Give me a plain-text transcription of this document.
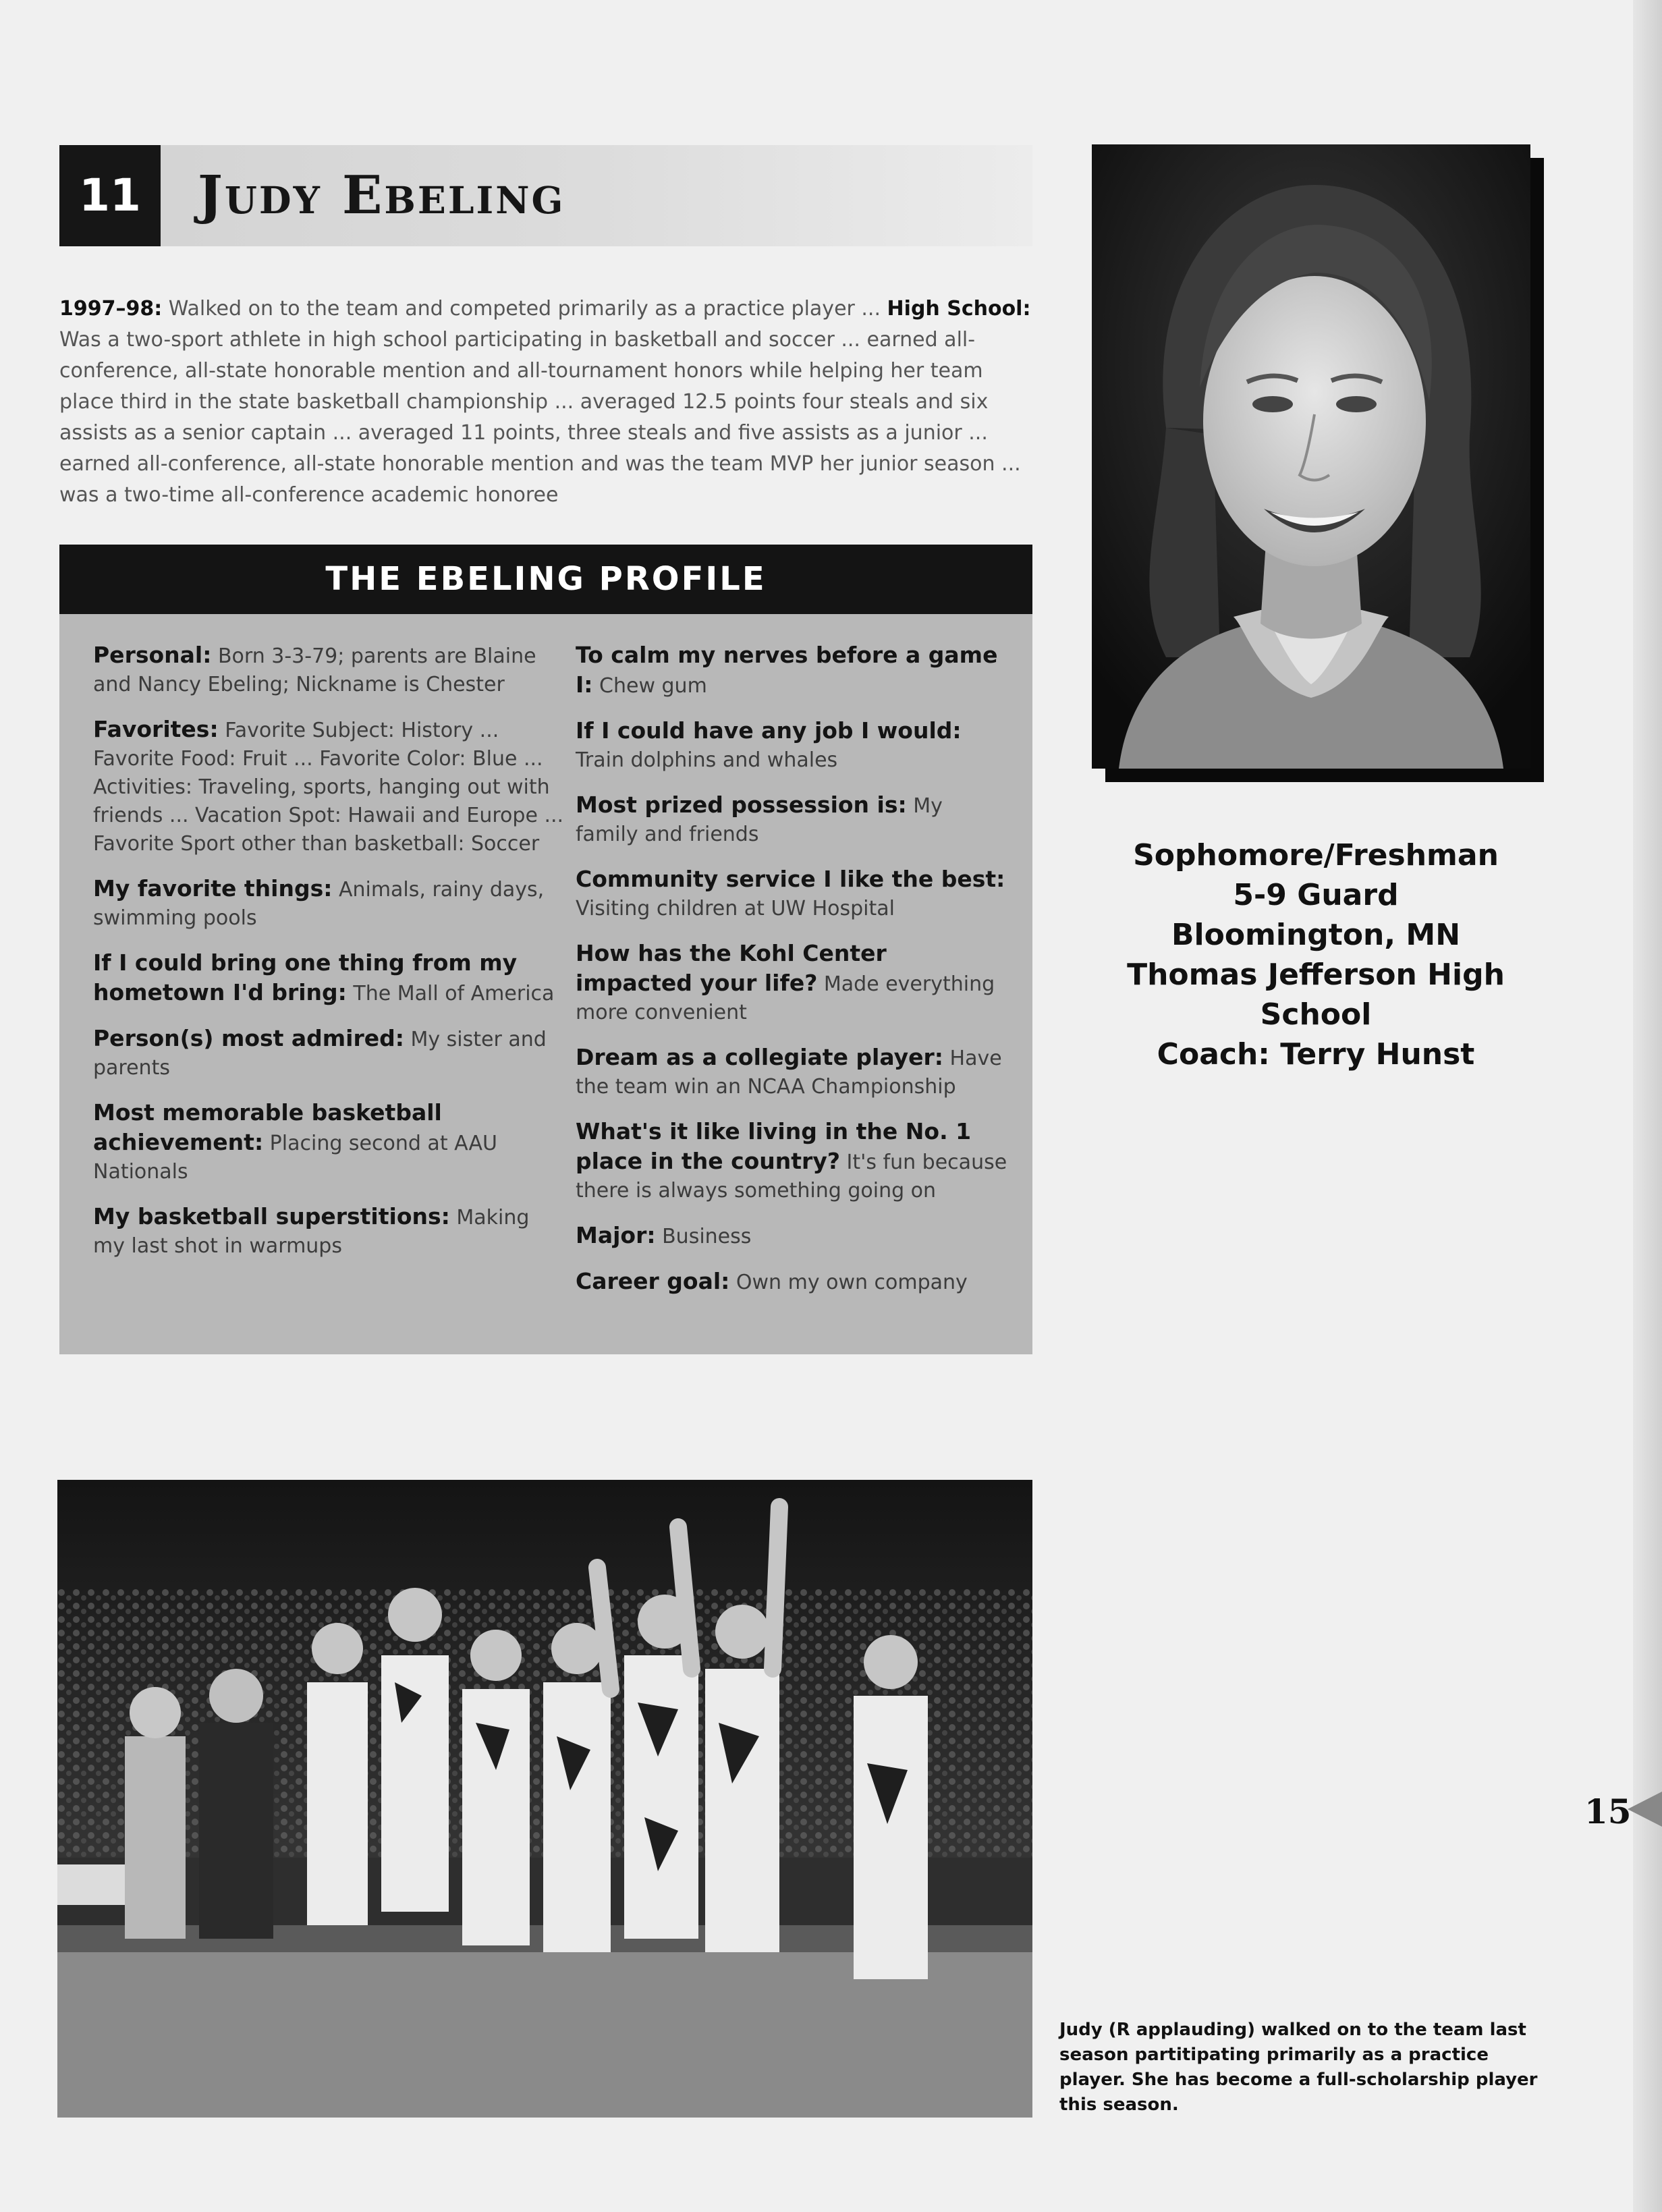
11	Judy Ebeling
1997–98: Walked on to the team and competed primarily as a practice player ... High School: Was a two-sport athlete in high school participating in basketball and soccer ... earned all-conference, all-state honorable mention and all-tournament honors while helping her team place third in the state basketball championship ... averaged 12.5 points four steals and six assists as a senior captain ... averaged 11 points, three steals and five assists as a junior ... earned all-conference, all-state honorable mention and was the team MVP her junior season ... was a two-time all-conference academic honoree
THE EBELING PROFILE
Personal: Born 3-3-79; parents are Blaine and Nancy Ebeling; Nickname is Chester
Favorites: Favorite Subject: History ... Favorite Food: Fruit ... Favorite Color: Blue ... Activities: Traveling, sports, hanging out with friends ... Vacation Spot: Hawaii and Europe ... Favorite Sport other than basketball: Soccer
My favorite things: Animals, rainy days, swimming pools
If I could bring one thing from my hometown I'd bring: The Mall of America
Person(s) most admired: My sister and parents
Most memorable basketball achievement: Placing second at AAU Nationals
My basketball superstitions: Making my last shot in warmups
To calm my nerves before a game I: Chew gum
If I could have any job I would: Train dolphins and whales
Most prized possession is: My family and friends
Community service I like the best: Visiting children at UW Hospital
How has the Kohl Center impacted your life? Made everything more convenient
Dream as a collegiate player: Have the team win an NCAA Championship
What's it like living in the No. 1 place in the country? It's fun because there is always something going on
Major: Business
Career goal: Own my own company
Sophomore/Freshman
5-9 Guard
Bloomington, MN
Thomas Jefferson High
School
Coach: Terry Hunst
15
Judy (R applauding) walked on to the team last season partitipating primarily as a practice player. She has become a full-scholarship player this season.
